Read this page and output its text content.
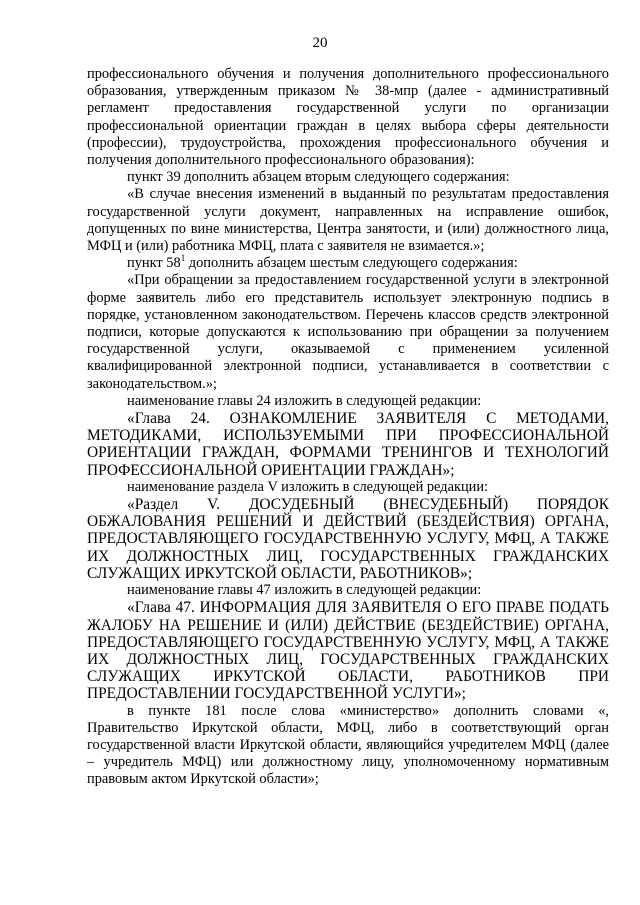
20

профессионального обучения и получения дополнительного профессионального образования, утвержденным приказом № 38-мпр (далее - административный регламент предоставления государственной услуги по организации профессиональной ориентации граждан в целях выбора сферы деятельности (профессии), трудоустройства, прохождения профессионального обучения и получения дополнительного профессионального образования):

пункт 39 дополнить абзацем вторым следующего содержания:

«В случае внесения изменений в выданный по результатам предоставления государственной услуги документ, направленных на исправление ошибок, допущенных по вине министерства, Центра занятости, и (или) должностного лица, МФЦ и (или) работника МФЦ, плата с заявителя не взимается.»;

пункт $58^1$ дополнить абзацем шестым следующего содержания:

«При обращении за предоставлением государственной услуги в электронной форме заявитель либо его представитель использует электронную подпись в порядке, установленном законодательством. Перечень классов средств электронной подписи, которые допускаются к использованию при обращении за получением государственной услуги, оказываемой с применением усиленной квалифицированной электронной подписи, устанавливается в соответствии с законодательством.»;

наименование главы 24 изложить в следующей редакции:

«Глава 24. ОЗНАКОМЛЕНИЕ ЗАЯВИТЕЛЯ С МЕТОДАМИ, МЕТОДИКАМИ, ИСПОЛЬЗУЕМЫМИ ПРИ ПРОФЕССИОНАЛЬНОЙ ОРИЕНТАЦИИ ГРАЖДАН, ФОРМАМИ ТРЕНИНГОВ И ТЕХНОЛОГИЙ ПРОФЕССИОНАЛЬНОЙ ОРИЕНТАЦИИ ГРАЖДАН»;

наименование раздела V изложить в следующей редакции:

«Раздел V. ДОСУДЕБНЫЙ (ВНЕСУДЕБНЫЙ) ПОРЯДОК ОБЖАЛОВАНИЯ РЕШЕНИЙ И ДЕЙСТВИЙ (БЕЗДЕЙСТВИЯ) ОРГАНА, ПРЕДОСТАВЛЯЮЩЕГО ГОСУДАРСТВЕННУЮ УСЛУГУ, МФЦ, А ТАКЖЕ ИХ ДОЛЖНОСТНЫХ ЛИЦ, ГОСУДАРСТВЕННЫХ ГРАЖДАНСКИХ СЛУЖАЩИХ ИРКУТСКОЙ ОБЛАСТИ, РАБОТНИКОВ»;

наименование главы 47 изложить в следующей редакции:

«Глава 47. ИНФОРМАЦИЯ ДЛЯ ЗАЯВИТЕЛЯ О ЕГО ПРАВЕ ПОДАТЬ ЖАЛОБУ НА РЕШЕНИЕ И (ИЛИ) ДЕЙСТВИЕ (БЕЗДЕЙСТВИЕ) ОРГАНА, ПРЕДОСТАВЛЯЮЩЕГО ГОСУДАРСТВЕННУЮ УСЛУГУ, МФЦ, А ТАКЖЕ ИХ ДОЛЖНОСТНЫХ ЛИЦ, ГОСУДАРСТВЕННЫХ ГРАЖДАНСКИХ СЛУЖАЩИХ ИРКУТСКОЙ ОБЛАСТИ, РАБОТНИКОВ ПРИ ПРЕДОСТАВЛЕНИИ ГОСУДАРСТВЕННОЙ УСЛУГИ»;

в пункте 181 после слова «министерство» дополнить словами «, Правительство Иркутской области, МФЦ, либо в соответствующий орган государственной власти Иркутской области, являющийся учредителем МФЦ (далее – учредитель МФЦ) или должностному лицу, уполномоченному нормативным правовым актом Иркутской области»;
